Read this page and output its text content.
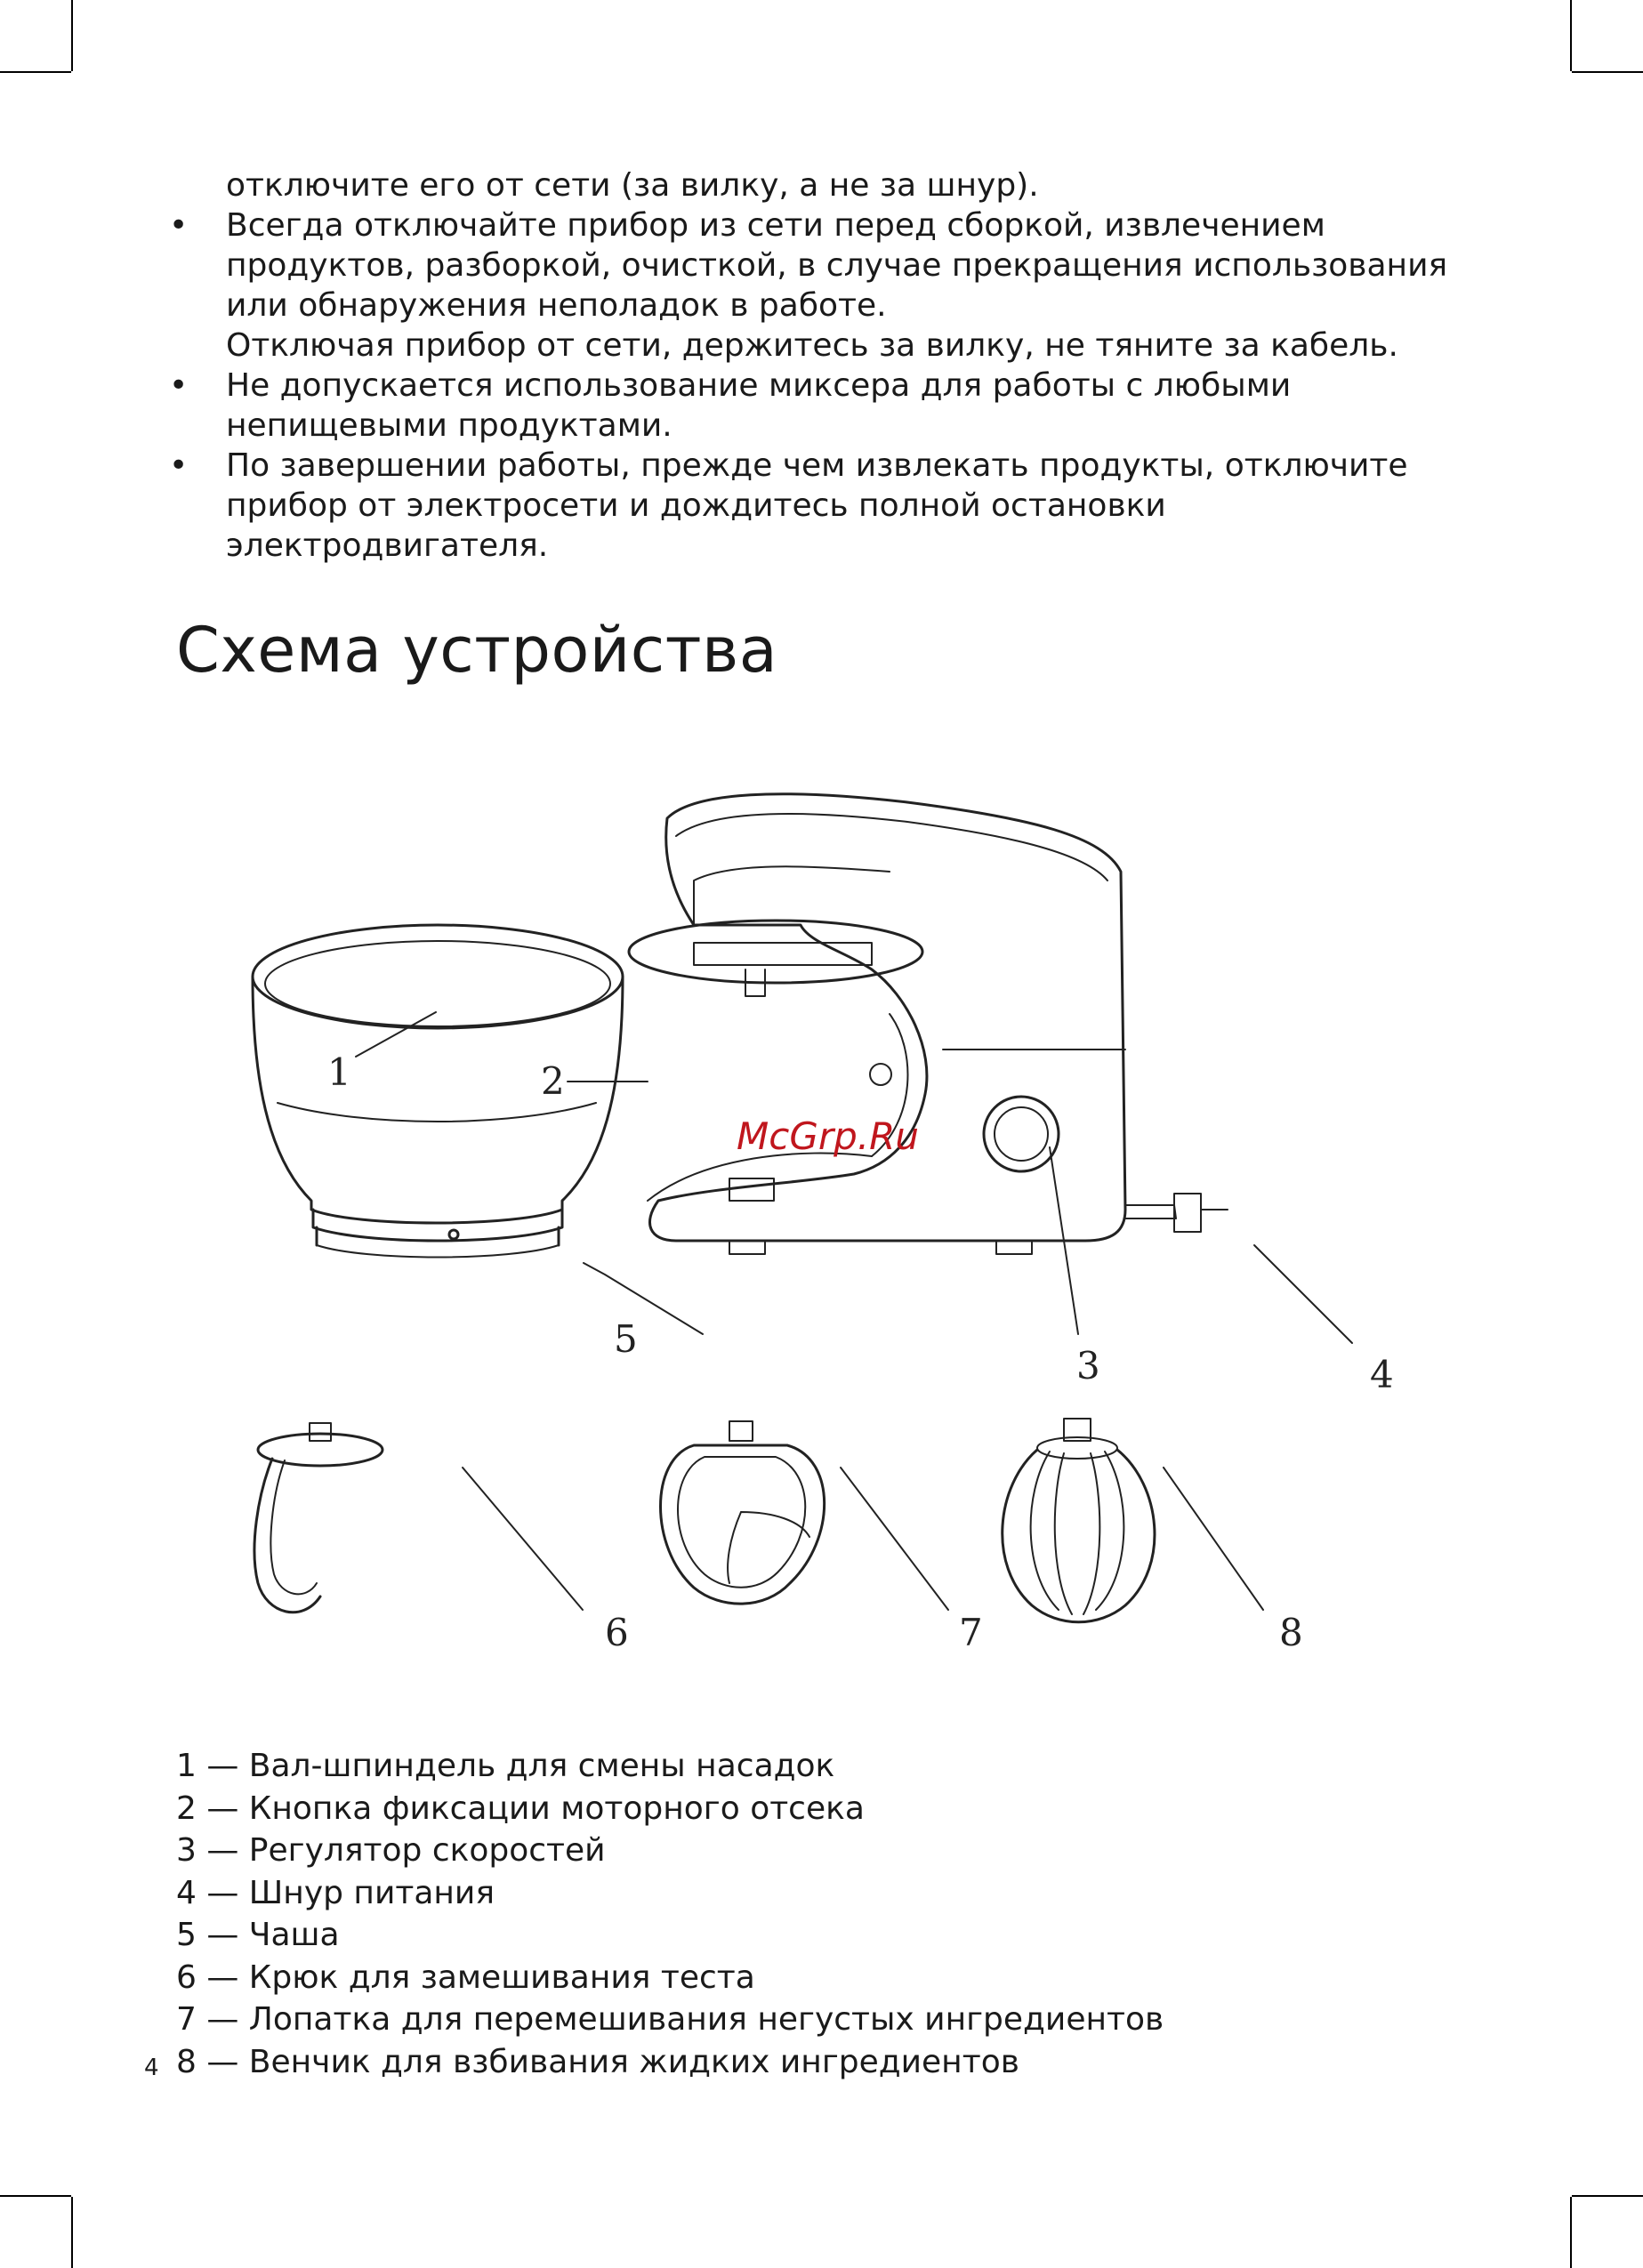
отключите его от сети (за вилку, а не за шнур).

• Всегда отключайте прибор из сети перед сборкой, извлечением продуктов, разборкой, очисткой, в случае прекращения использования или обнаружения неполадок в работе.

Отключая прибор от сети, держитесь за вилку, не тяните за кабель.

• Не допускается использование миксера для работы с любыми непищевыми продуктами.

• По завершении работы, прежде чем извлекать продукты, отключите прибор от электросети и дождитесь полной остановки электродвигателя.

Схема устройства
1	2
3	4
5
6	7	8
McGrp.Ru
1 — Вал-шпиндель для смены насадок
2 — Кнопка фиксации моторного отсека
3 — Регулятор скоростей
4 — Шнур питания
5 — Чаша
6 — Крюк для замешивания теста
7 — Лопатка для перемешивания негустых ингредиентов
8 — Венчик для взбивания жидких ингредиентов
4
